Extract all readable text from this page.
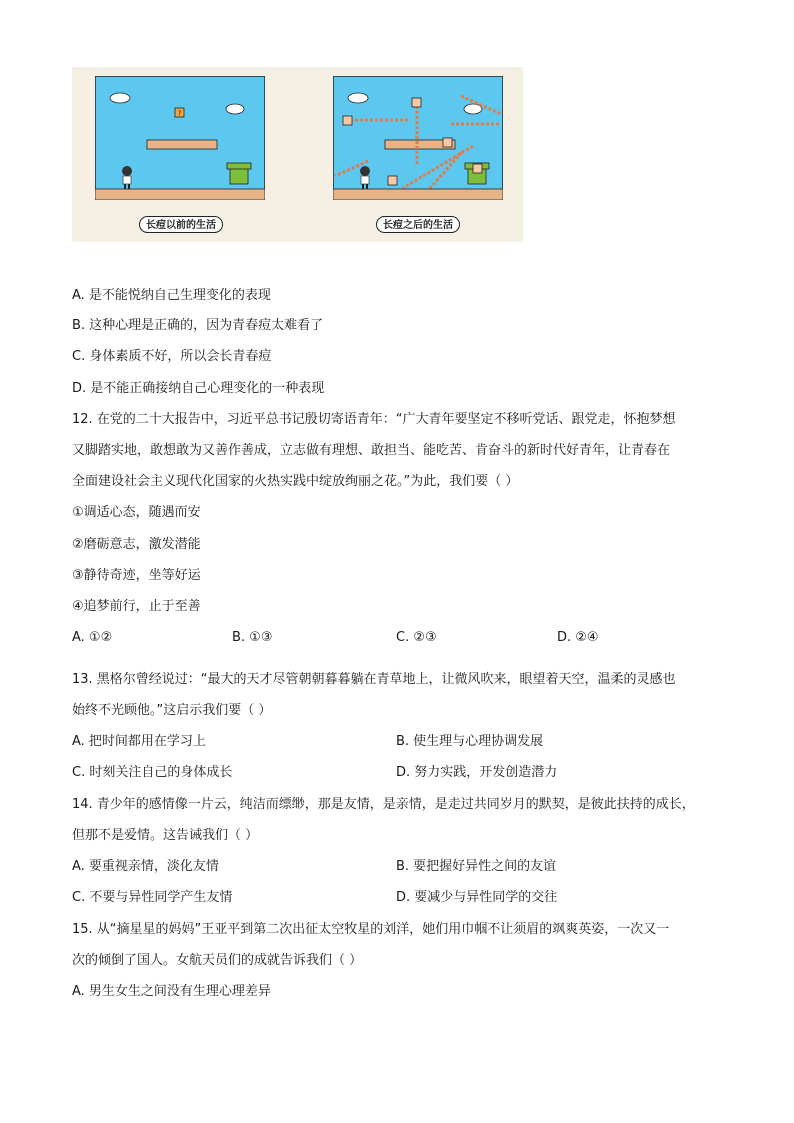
?
长痘以前的生活	长痘之后的生活
A. 是不能悦纳自己生理变化的表现
B. 这种心理是正确的，因为青春痘太难看了
C. 身体素质不好，所以会长青春痘
D. 是不能正确接纳自己心理变化的一种表现
12. 在党的二十大报告中，习近平总书记殷切寄语青年：“广大青年要坚定不移听党话、跟党走，怀抱梦想
又脚踏实地，敢想敢为又善作善成，立志做有理想、敢担当、能吃苦、肯奋斗的新时代好青年，让青春在
全面建设社会主义现代化国家的火热实践中绽放绚丽之花。”为此，我们要（ ）
①调适心态，随遇而安
②磨砺意志，激发潜能
③静待奇迹，坐等好运
④追梦前行，止于至善
A. ①②	B. ①③	C. ②③	D. ②④
13. 黑格尔曾经说过：“最大的天才尽管朝朝暮暮躺在青草地上，让微风吹来，眼望着天空，温柔的灵感也
始终不光顾他。”这启示我们要（ ）
A. 把时间都用在学习上	B. 使生理与心理协调发展
C. 时刻关注自己的身体成长	D. 努力实践，开发创造潜力
14. 青少年的感情像一片云，纯洁而缥缈，那是友情，是亲情，是走过共同岁月的默契，是彼此扶持的成长，
但那不是爱情。这告诫我们（ ）
A. 要重视亲情，淡化友情	B. 要把握好异性之间的友谊
C. 不要与异性同学产生友情	D. 要减少与异性同学的交往
15. 从“摘星星的妈妈”王亚平到第二次出征太空牧星的刘洋，她们用巾帼不让须眉的飒爽英姿，一次又一
次的倾倒了国人。女航天员们的成就告诉我们（ ）
A. 男生女生之间没有生理心理差异
